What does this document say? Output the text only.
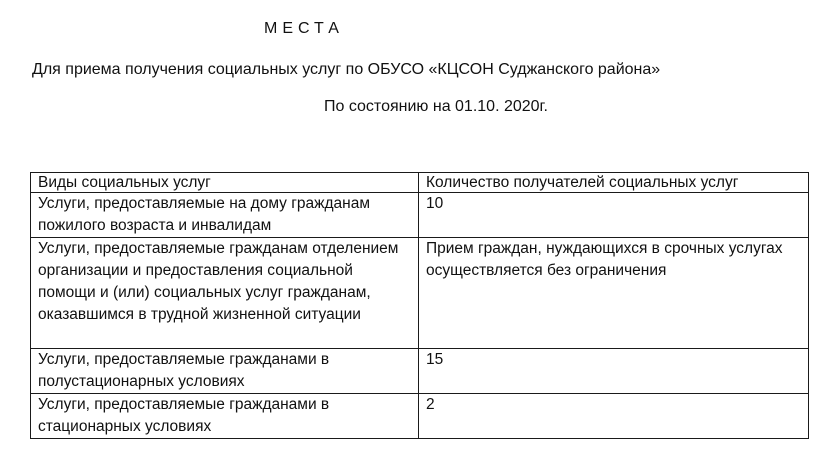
МЕСТА
Для приема получения социальных услуг по ОБУСО «КЦСОН Суджанского района»
По состоянию на 01.10. 2020г.
Виды социальных услуг	Количество получателей социальных услуг
Услуги, предоставляемые на дому гражданам пожилого возраста и инвалидам	10
Услуги, предоставляемые гражданам отделением организации и предоставления социальной помощи и (или) социальных услуг гражданам, оказавшимся в трудной жизненной ситуации	Прием граждан, нуждающихся в срочных услугах осуществляется без ограничения
Услуги, предоставляемые гражданами в полустационарных условиях	15
Услуги, предоставляемые гражданами в стационарных условиях	2
